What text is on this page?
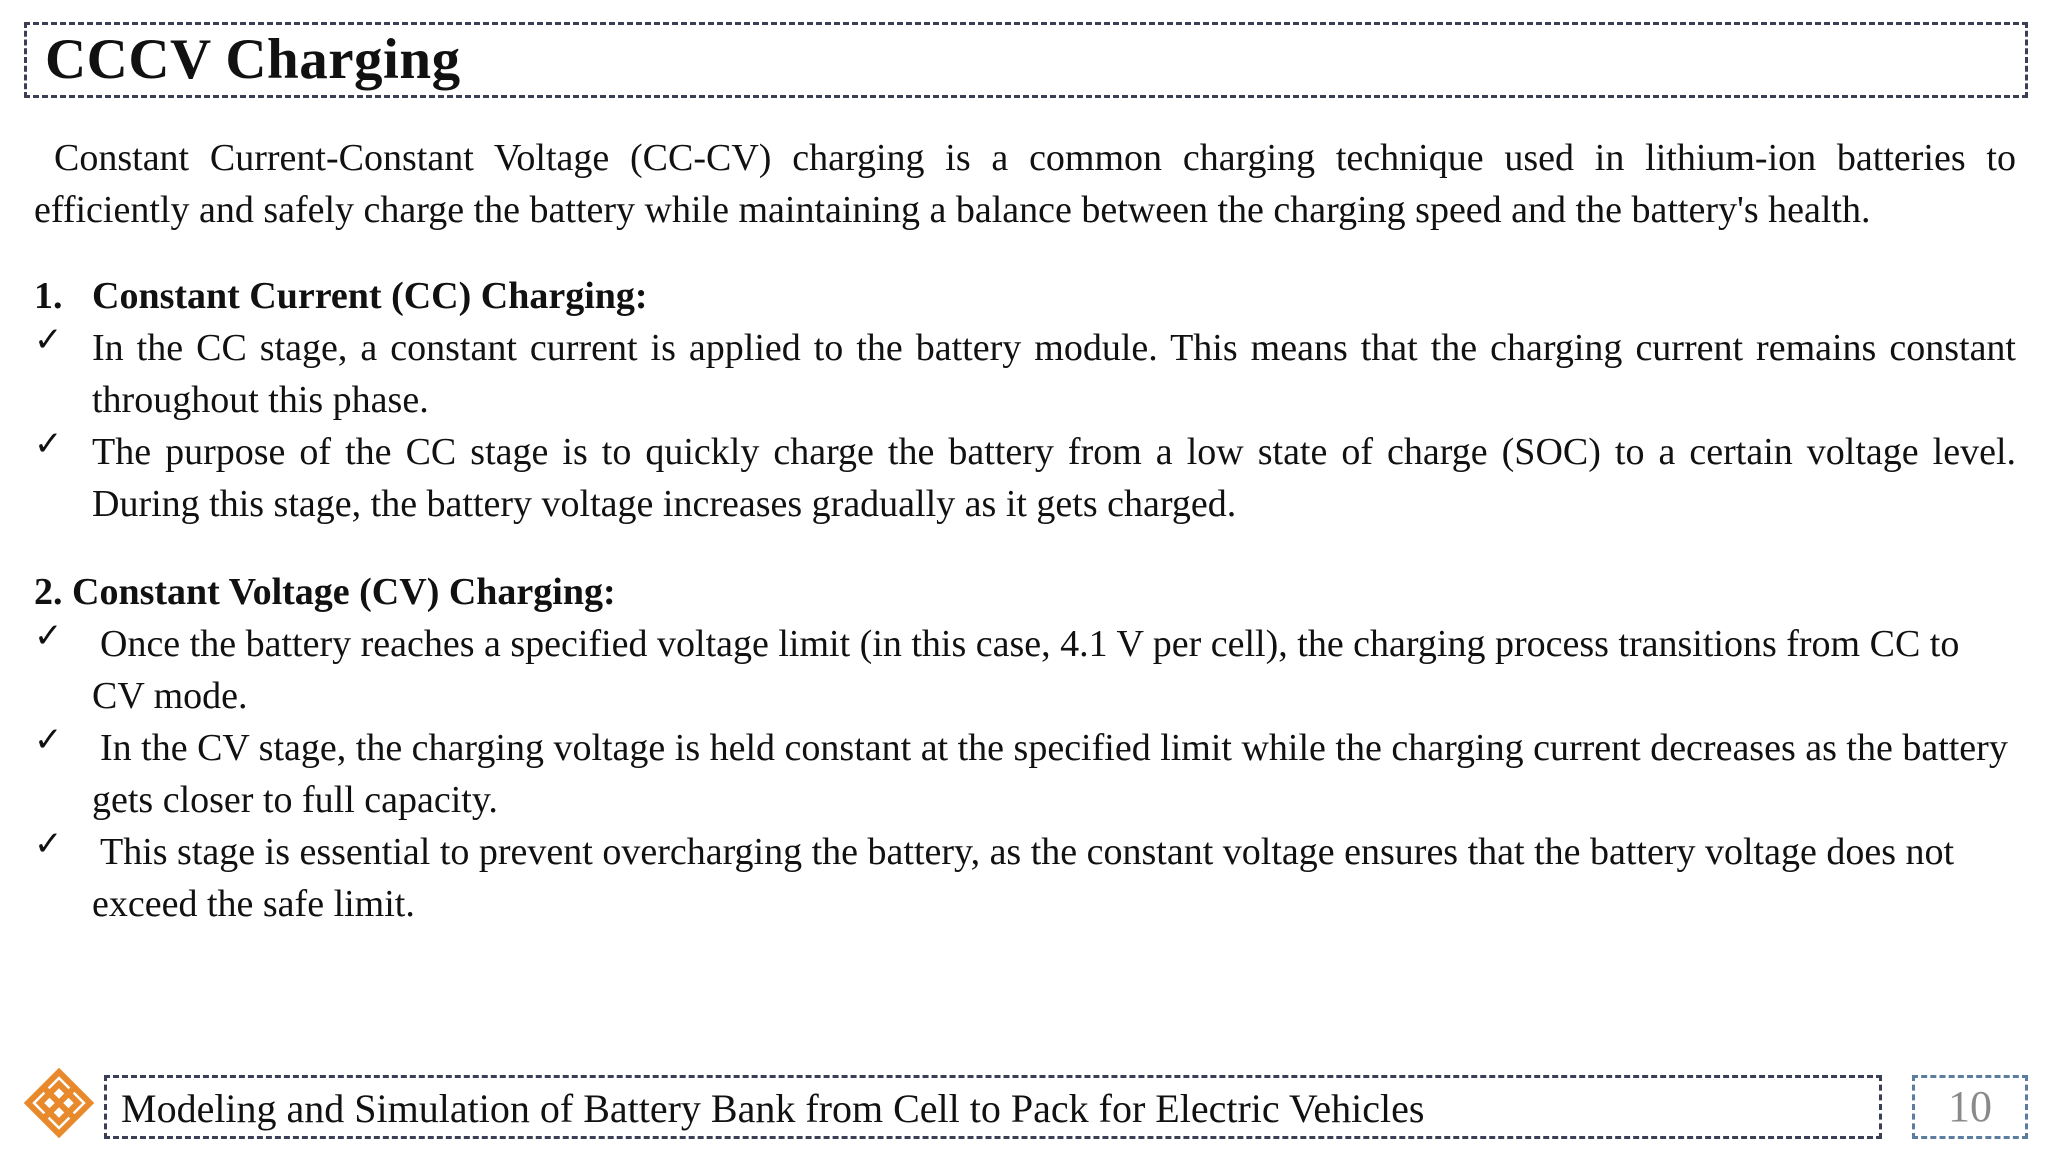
CCCV Charging

Constant Current-Constant Voltage (CC-CV) charging is a common charging technique used in lithium-ion batteries to efficiently and safely charge the battery while maintaining a balance between the charging speed and the battery's health.

1. Constant Current (CC) Charging:

✓ In the CC stage, a constant current is applied to the battery module. This means that the charging current remains constant throughout this phase.
✓ The purpose of the CC stage is to quickly charge the battery from a low state of charge (SOC) to a certain voltage level. During this stage, the battery voltage increases gradually as it gets charged.

2. Constant Voltage (CV) Charging:

✓ Once the battery reaches a specified voltage limit (in this case, 4.1 V per cell), the charging process transitions from CC to CV mode.
✓ In the CV stage, the charging voltage is held constant at the specified limit while the charging current decreases as the battery gets closer to full capacity.
✓ This stage is essential to prevent overcharging the battery, as the constant voltage ensures that the battery voltage does not exceed the safe limit.
Modeling and Simulation of Battery Bank from Cell to Pack for Electric Vehicles	10
